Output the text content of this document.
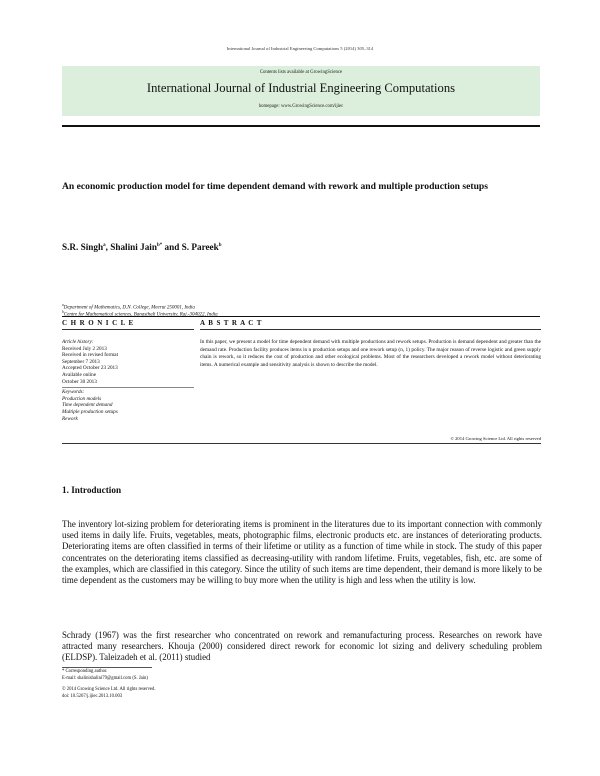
International Journal of Industrial Engineering Computations 5 (2014) 305–314
Contents lists available at GrowingScience
International Journal of Industrial Engineering Computations
homepage: www.GrowingScience.com/ijiec
An economic production model for time dependent demand with rework and multiple production setups
S.R. Singh$^a$, Shalini Jain$^{b*}$ and S. Pareek$^b$
$^a$Department of Mathematics, D.N. College, Meerut 250001, India
$^b$
C H R O N I C L E	A B S T R A C T
Article history:
Received July 2 2013
Received in revised format
September 7 2013
Accepted October 23 2013
Available online
October 30 2013
Keywords:
Production models
Time dependent demand
Multiple production setups
Rework
In this paper, we present a model for time dependent demand with multiple productions and rework setups. Production is demand dependent and greater than the demand rate. Production facility produces items in n production setups and one rework setup (n, 1) policy. The major reason of reverse logistic and green supply chain is rework, so it reduces the cost of production and other ecological problems. Most of the researchers developed a rework model without deteriorating items. A numerical example and sensitivity analysis is shown to describe the model.
© 2014 Growing Science Ltd. All rights reserved
1. Introduction
The inventory lot-sizing problem for deteriorating items is prominent in the literatures due to its important connection with commonly used items in daily life. Fruits, vegetables, meats, photographic films, electronic products etc. are instances of deteriorating products. Deteriorating items are often classified in terms of their lifetime or utility as a function of time while in stock. The study of this paper concentrates on the deteriorating items classified as decreasing-utility with random lifetime. Fruits, vegetables, fish, etc. are some of the examples, which are classified in this category. Since the utility of such items are time dependent, their demand is more likely to be time dependent as the customers may be willing to buy more when the utility is high and less when the utility is low.
Schrady (1967) was the first researcher who concentrated on rework and remanufacturing process. Researches on rework have attracted many researchers. Khouja (2000) considered direct rework for economic lot sizing and delivery scheduling problem (ELDSP). Taleizadeh et al. (2011) studied
* Corresponding author.
E-mail: shalinishalini79@gmail.com (S. Jain)
© 2014 Growing Science Ltd. All rights reserved.
doi: 10.5267/j.ijiec.2013.10.003
